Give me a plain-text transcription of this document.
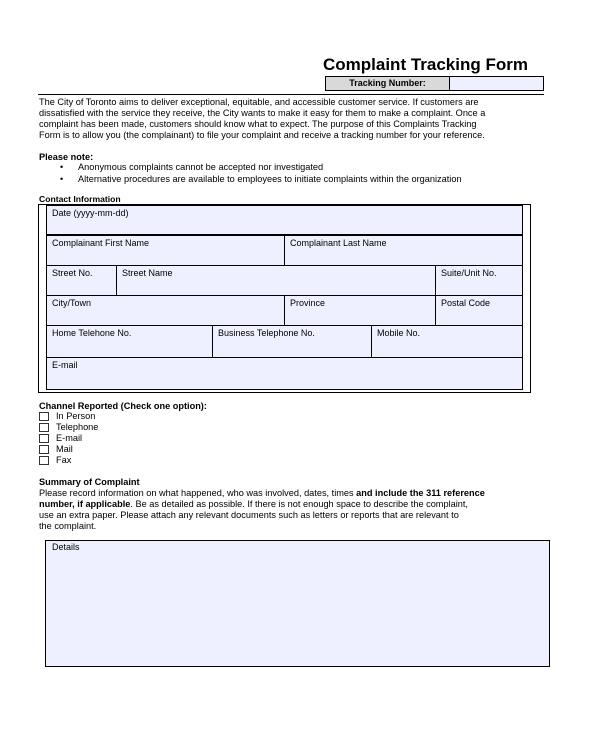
Complaint Tracking Form
Tracking Number:
The City of Toronto aims to deliver exceptional, equitable, and accessible customer service. If customers are
dissatisfied with the service they receive, the City wants to make it easy for them to make a complaint. Once a
complaint has been made, customers should know what to expect. The purpose of this Complaints Tracking
Form is to allow you (the complainant) to file your complaint and receive a tracking number for your reference.
Please note:
• Anonymous complaints cannot be accepted nor investigated
• Alternative procedures are available to employees to initiate complaints within the organization
Contact Information
Date (yyyy-mm-dd)
Complainant First Name	Complainant Last Name
Street No.	Street Name	Suite/Unit No.
City/Town	Province	Postal Code
Home Telehone No.	Business Telephone No.	Mobile No.
E-mail
Channel Reported (Check one option):
In Person
Telephone
E-mail
Mail
Fax
Summary of Complaint
Please record information on what happened, who was involved, dates, times and include the 311 reference
number, if applicable. Be as detailed as possible. If there is not enough space to describe the complaint,
use an extra paper. Please attach any relevant documents such as letters or reports that are relevant to
the complaint.
Details
